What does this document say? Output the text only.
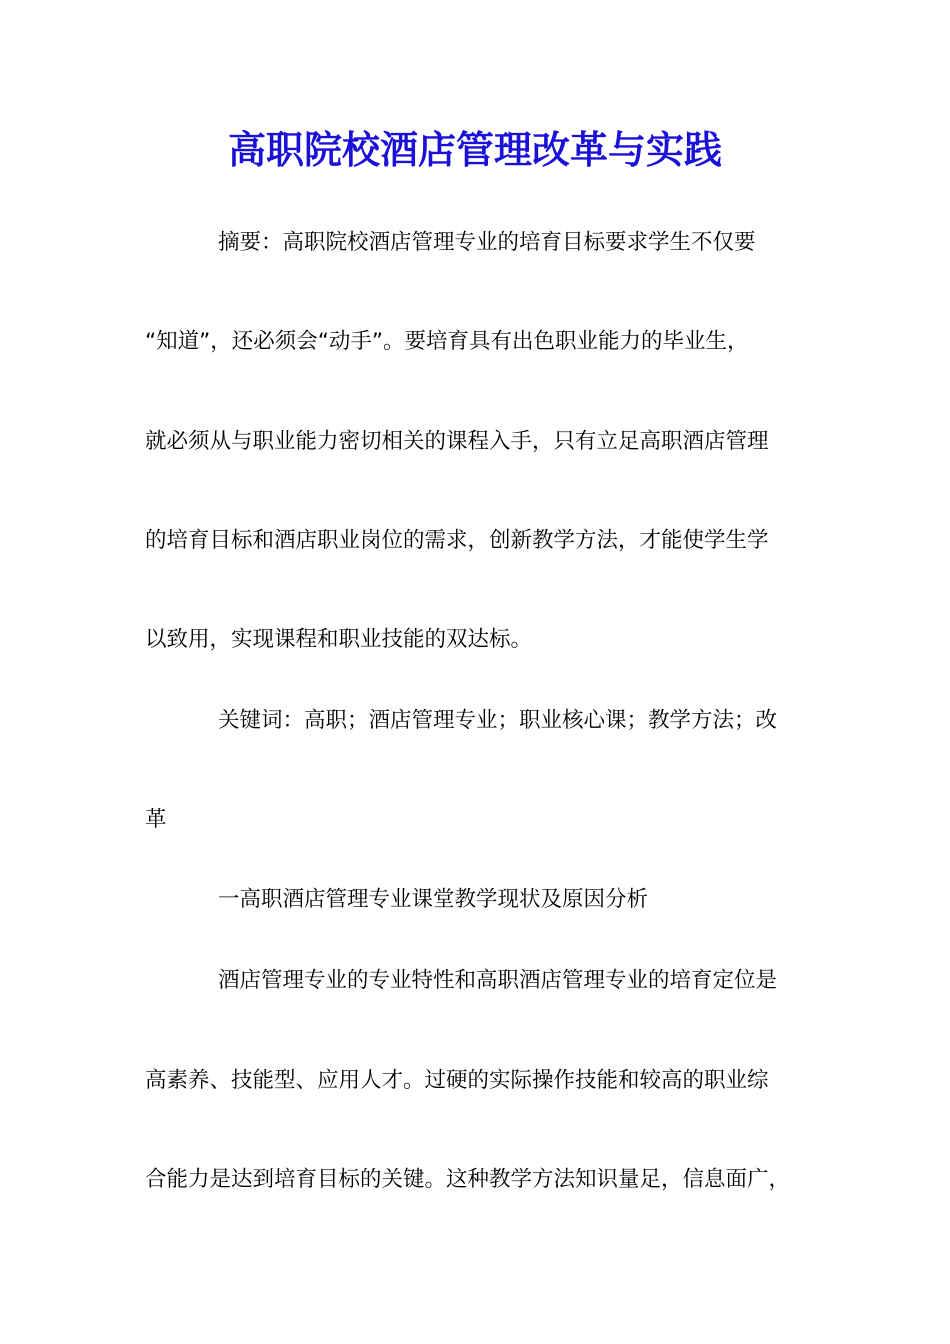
高职院校酒店管理改革与实践

摘要：高职院校酒店管理专业的培育目标要求学生不仅要

“知道”，还必须会“动手”。要培育具有出色职业能力的毕业生，

就必须从与职业能力密切相关的课程入手，只有立足高职酒店管理

的培育目标和酒店职业岗位的需求，创新教学方法，才能使学生学

以致用，实现课程和职业技能的双达标。

关键词：高职；酒店管理专业；职业核心课；教学方法；改

革

一高职酒店管理专业课堂教学现状及原因分析

酒店管理专业的专业特性和高职酒店管理专业的培育定位是

高素养、技能型、应用人才。过硬的实际操作技能和较高的职业综

合能力是达到培育目标的关键。这种教学方法知识量足，信息面广，
